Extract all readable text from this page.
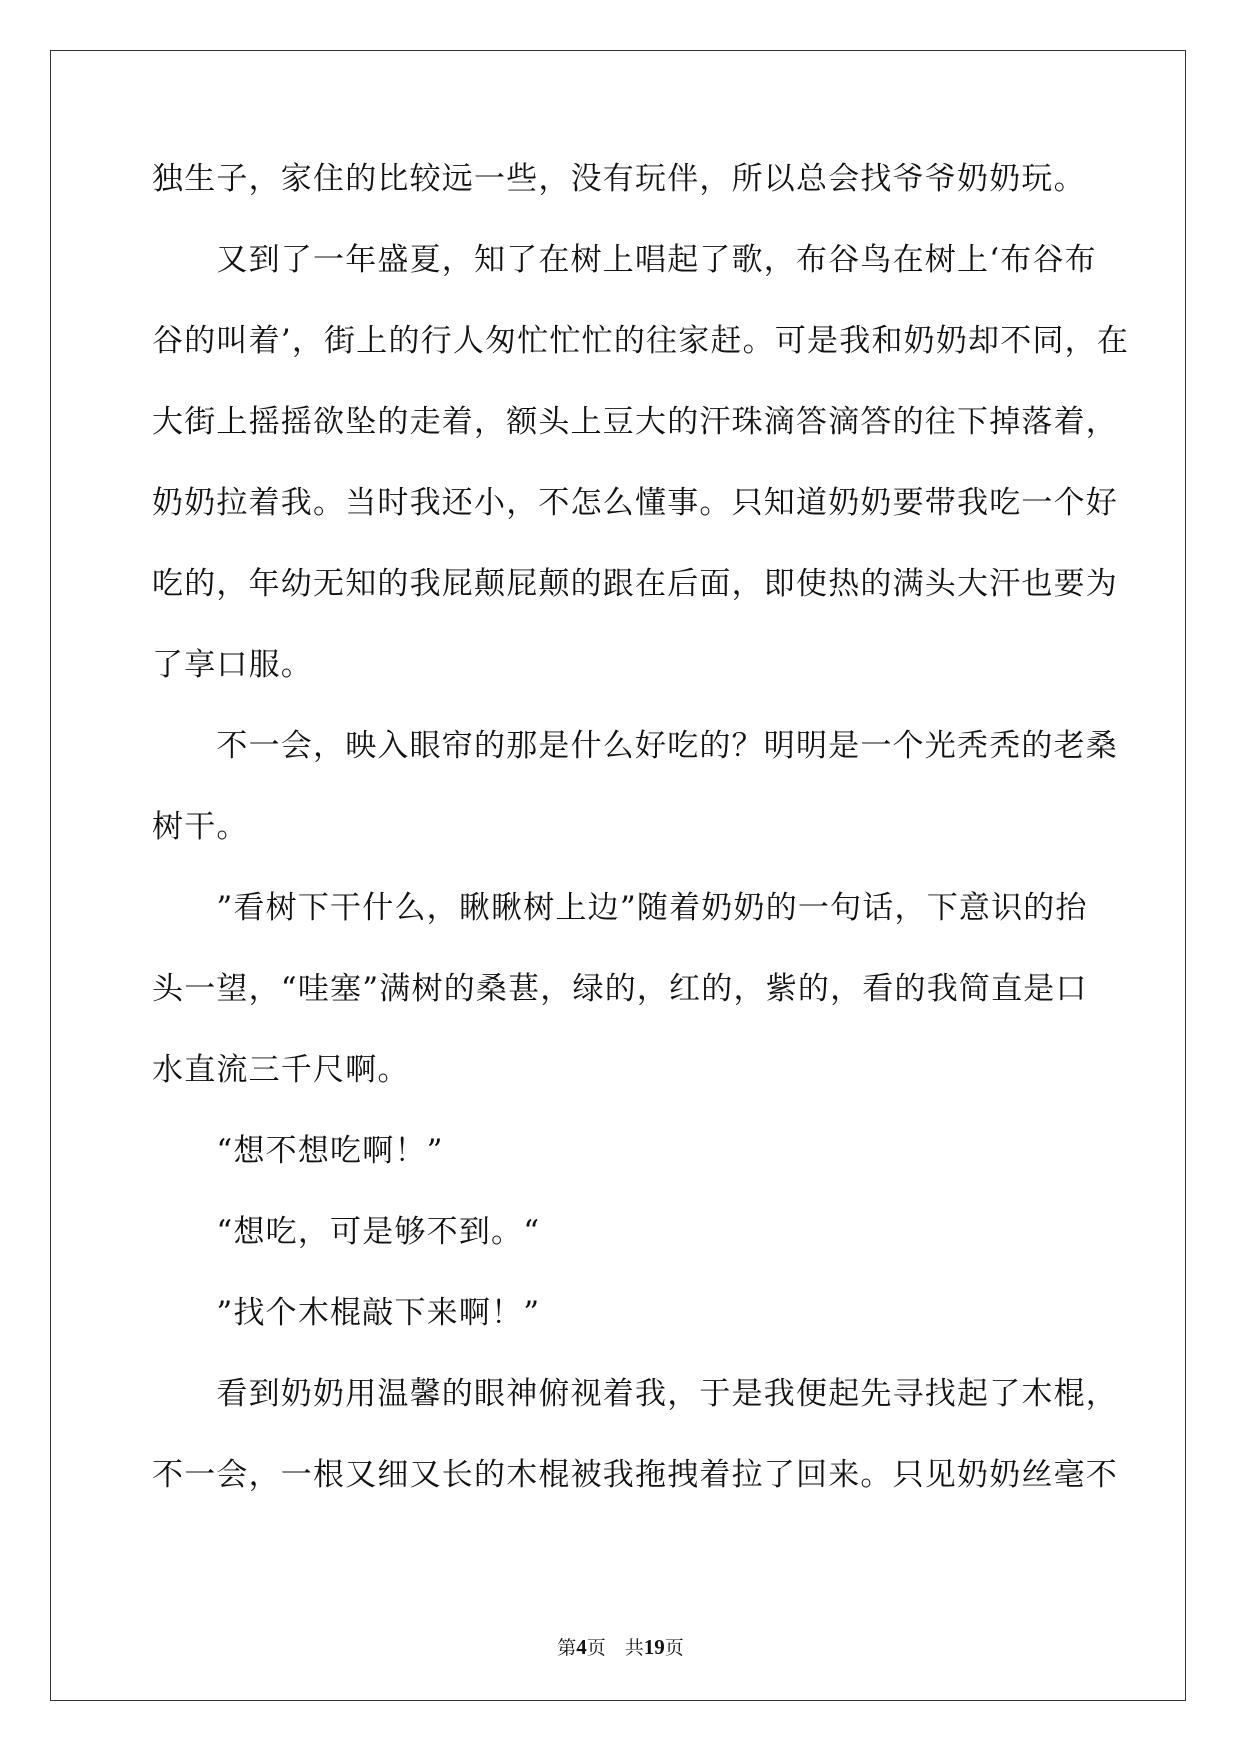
独生子，家住的比较远一些，没有玩伴，所以总会找爷爷奶奶玩。
　　又到了一年盛夏，知了在树上唱起了歌，布谷鸟在树上‘布谷布
谷的叫着’，街上的行人匆忙忙忙的往家赶。可是我和奶奶却不同，在
大街上摇摇欲坠的走着，额头上豆大的汗珠滴答滴答的往下掉落着，
奶奶拉着我。当时我还小，不怎么懂事。只知道奶奶要带我吃一个好
吃的，年幼无知的我屁颠屁颠的跟在后面，即使热的满头大汗也要为
了享口服。
　　不一会，映入眼帘的那是什么好吃的？明明是一个光秃秃的老桑
树干。
　　”看树下干什么，瞅瞅树上边”随着奶奶的一句话，下意识的抬
头一望，“哇塞”满树的桑葚，绿的，红的，紫的，看的我简直是口
水直流三千尺啊。
　　“想不想吃啊！”
　　“想吃，可是够不到。“
　　”找个木棍敲下来啊！”
　　看到奶奶用温馨的眼神俯视着我，于是我便起先寻找起了木棍，
不一会，一根又细又长的木棍被我拖拽着拉了回来。只见奶奶丝毫不
第4页　共19页
